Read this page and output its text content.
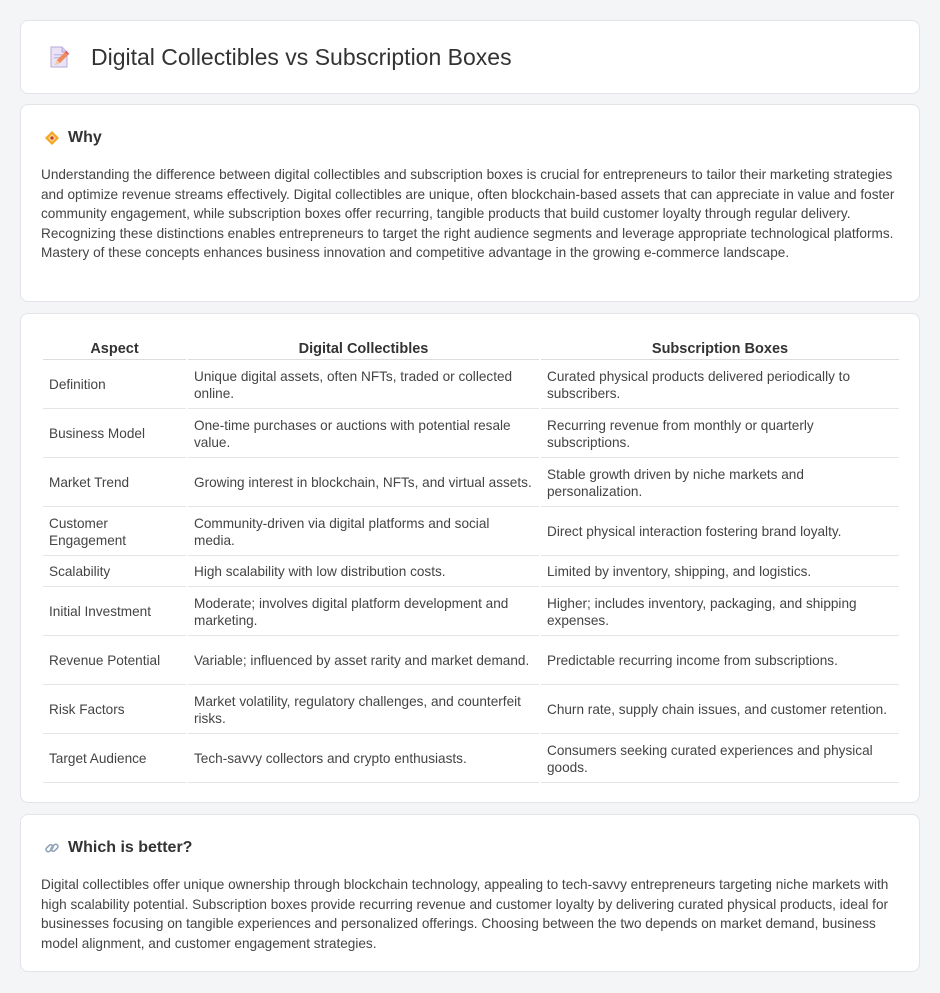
Digital Collectibles vs Subscription Boxes
Why

Understanding the difference between digital collectibles and subscription boxes is crucial for entrepreneurs to tailor their marketing strategies and optimize revenue streams effectively. Digital collectibles are unique, often blockchain-based assets that can appreciate in value and foster community engagement, while subscription boxes offer recurring, tangible products that build customer loyalty through regular delivery. Recognizing these distinctions enables entrepreneurs to target the right audience segments and leverage appropriate technological platforms. Mastery of these concepts enhances business innovation and competitive advantage in the growing e-commerce landscape.

Aspect	Digital Collectibles	Subscription Boxes
Definition	Unique digital assets, often NFTs, traded or collected online.	Curated physical products delivered periodically to subscribers.
Business Model	One-time purchases or auctions with potential resale value.	Recurring revenue from monthly or quarterly subscriptions.
Market Trend	Growing interest in blockchain, NFTs, and virtual assets.	Stable growth driven by niche markets and personalization.
Customer Engagement	Community-driven via digital platforms and social media.	Direct physical interaction fostering brand loyalty.
Scalability	High scalability with low distribution costs.	Limited by inventory, shipping, and logistics.
Initial Investment	Moderate; involves digital platform development and marketing.	Higher; includes inventory, packaging, and shipping expenses.
Revenue Potential	Variable; influenced by asset rarity and market demand.	Predictable recurring income from subscriptions.
Risk Factors	Market volatility, regulatory challenges, and counterfeit risks.	Churn rate, supply chain issues, and customer retention.
Target Audience	Tech-savvy collectors and crypto enthusiasts.	Consumers seeking curated experiences and physical goods.
Which is better?

Digital collectibles offer unique ownership through blockchain technology, appealing to tech-savvy entrepreneurs targeting niche markets with high scalability potential. Subscription boxes provide recurring revenue and customer loyalty by delivering curated physical products, ideal for businesses focusing on tangible experiences and personalized offerings. Choosing between the two depends on market demand, business model alignment, and customer engagement strategies.
